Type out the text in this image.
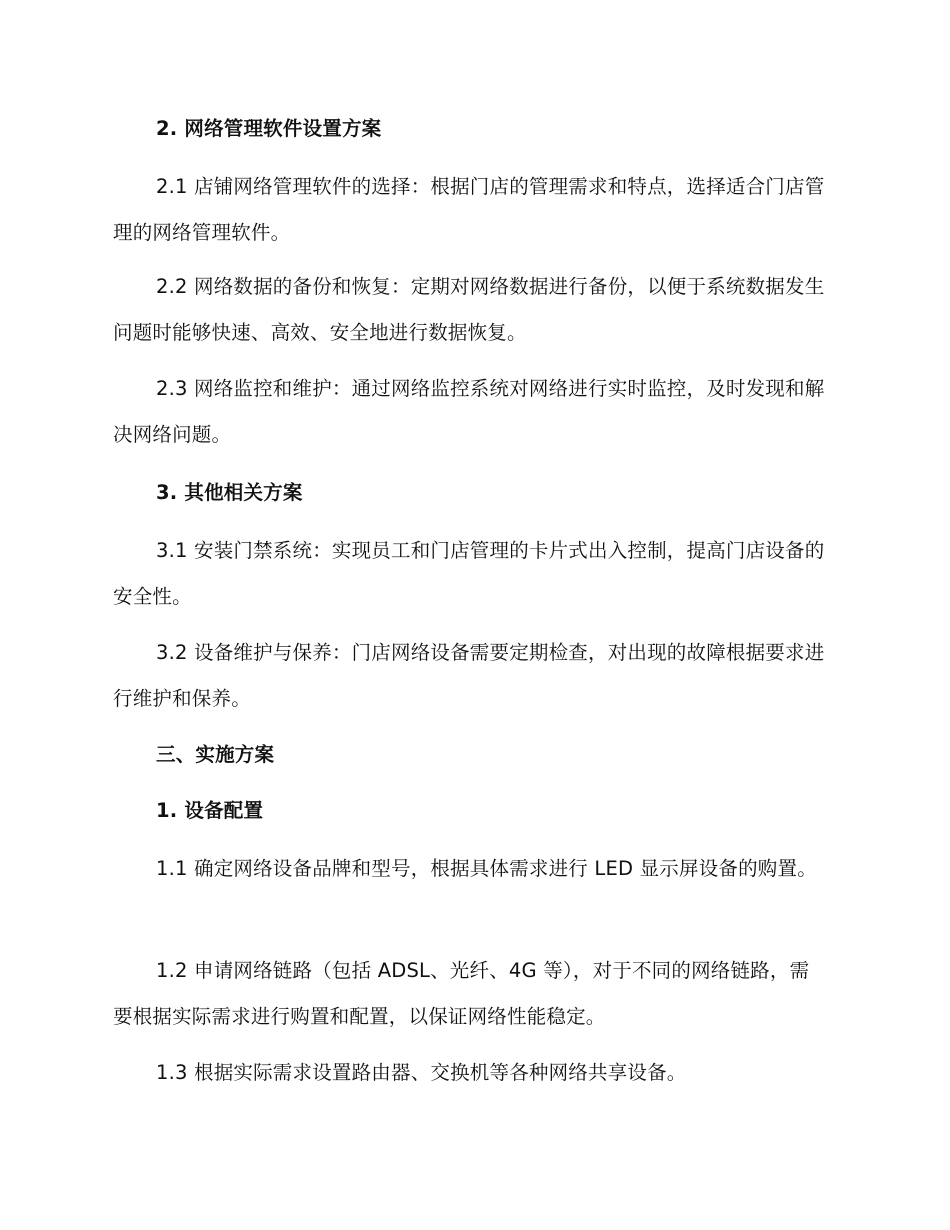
2. 网络管理软件设置方案

2.1 店铺网络管理软件的选择：根据门店的管理需求和特点，选择适合门店管理的网络管理软件。

2.2 网络数据的备份和恢复：定期对网络数据进行备份，以便于系统数据发生问题时能够快速、高效、安全地进行数据恢复。

2.3 网络监控和维护：通过网络监控系统对网络进行实时监控，及时发现和解决网络问题。

3. 其他相关方案

3.1 安装门禁系统：实现员工和门店管理的卡片式出入控制，提高门店设备的安全性。

3.2 设备维护与保养：门店网络设备需要定期检查，对出现的故障根据要求进行维护和保养。

三、实施方案

1. 设备配置

1.1 确定网络设备品牌和型号，根据具体需求进行 LED 显示屏设备的购置。

1.2 申请网络链路（包括 ADSL、光纤、4G 等），对于不同的网络链路，需要根据实际需求进行购置和配置，以保证网络性能稳定。

1.3 根据实际需求设置路由器、交换机等各种网络共享设备。
